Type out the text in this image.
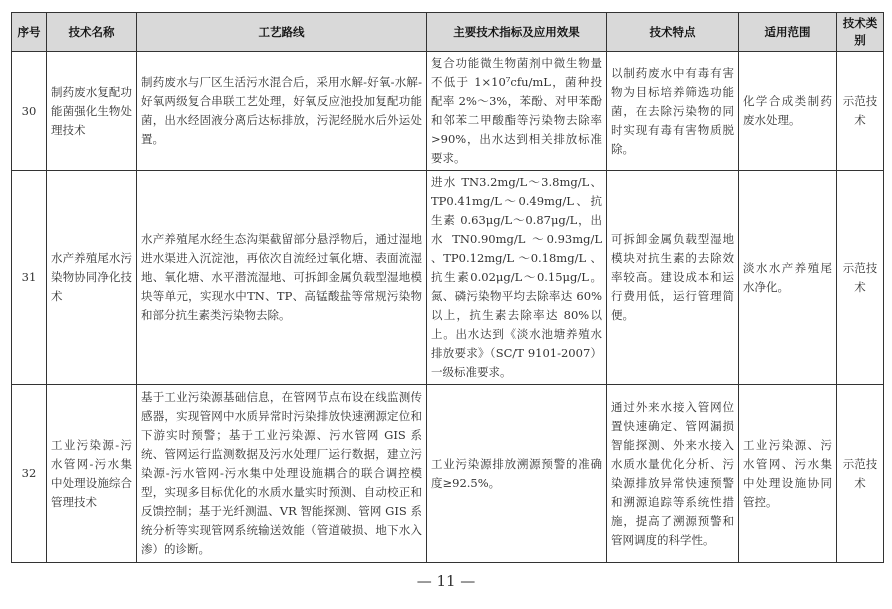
序号	技术名称	工艺路线	主要技术指标及应用效果	技术特点	适用范围	技术类别
30	制药废水复配功能菌强化生物处理技术	制药废水与厂区生活污水混合后，采用水解-好氧-水解-好氧两级复合串联工艺处理，好氧反应池投加复配功能菌，出水经固液分离后达标排放，污泥经脱水后外运处置。	复合功能微生物菌剂中微生物量不低于 1×10⁷cfu/mL，菌种投配率 2%～3%，苯酚、对甲苯酚和邻苯二甲酸酯等污染物去除率>90%，出水达到相关排放标准要求。	以制药废水中有毒有害物为目标培养筛选功能菌，在去除污染物的同时实现有毒有害物质脱除。	化学合成类制药废水处理。	示范技术
31	水产养殖尾水污染物协同净化技术	水产养殖尾水经生态沟渠截留部分悬浮物后，通过湿地进水渠进入沉淀池，再依次自流经过氧化塘、表面流湿地、氧化塘、水平潜流湿地、可拆卸金属负载型湿地模块等单元，实现水中TN、TP、高锰酸盐等常规污染物和部分抗生素类污染物去除。	进水 TN3.2mg/L～3.8mg/L、TP0.41mg/L～0.49mg/L、抗生素 0.63μg/L～0.87μg/L，出水 TN0.90mg/L ～0.93mg/L 、TP0.12mg/L ～0.18mg/L 、抗生素0.02μg/L～0.15μg/L。氮、磷污染物平均去除率达 60%以上，抗生素去除率达 80%以上。出水达到《淡水池塘养殖水排放要求》（SC/T 9101-2007）一级标准要求。	可拆卸金属负载型湿地模块对抗生素的去除效率较高。建设成本和运行费用低，运行管理简便。	淡水水产养殖尾水净化。	示范技术
32	工业污染源-污水管网-污水集中处理设施综合管理技术	基于工业污染源基础信息，在管网节点布设在线监测传感器，实现管网中水质异常时污染排放快速溯源定位和下游实时预警；基于工业污染源、污水管网 GIS 系统、管网运行监测数据及污水处理厂运行数据，建立污染源-污水管网-污水集中处理设施耦合的联合调控模型，实现多目标优化的水质水量实时预测、自动校正和反馈控制；基于光纤测温、VR 智能探测、管网 GIS 系统分析等实现管网系统输送效能（管道破损、地下水入渗）的诊断。	工业污染源排放溯源预警的准确度≥92.5%。	通过外来水接入管网位置快速确定、管网漏损智能探测、外来水接入水质水量优化分析、污染源排放异常快速预警和溯源追踪等系统性措施，提高了溯源预警和管网调度的科学性。	工业污染源、污水管网、污水集中处理设施协同管控。	示范技术
— 11 —
